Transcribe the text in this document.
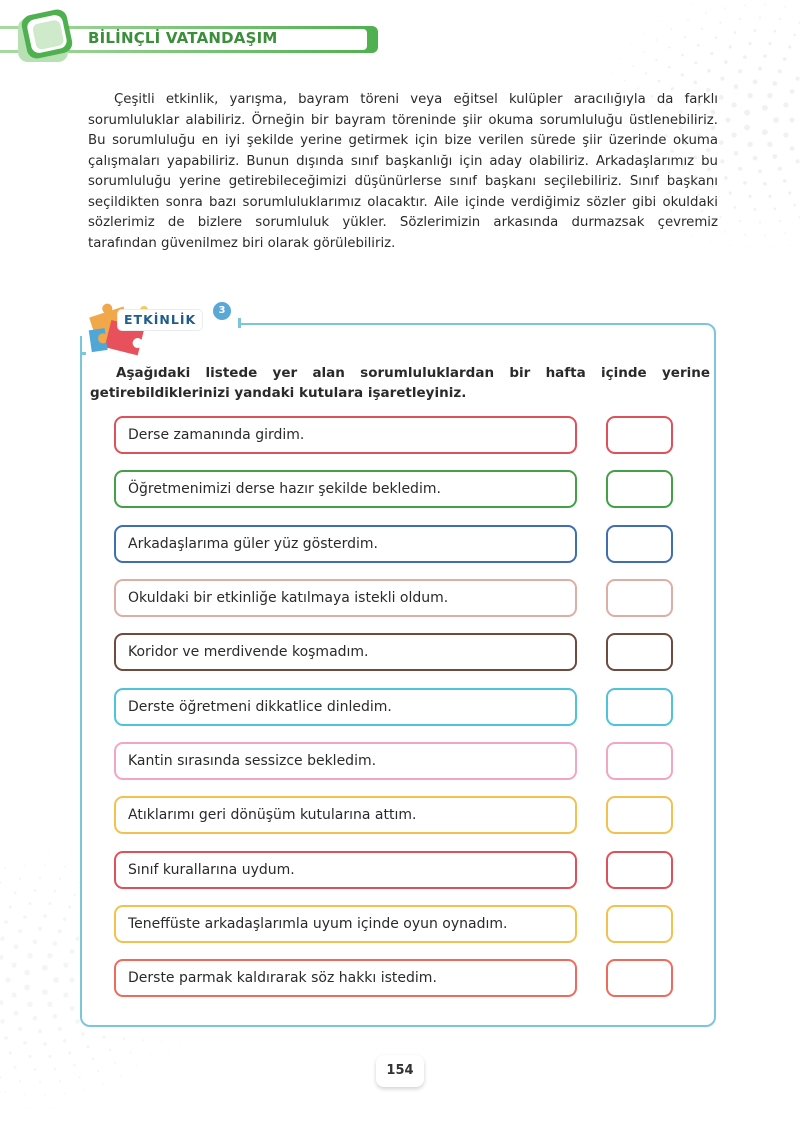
BİLİNÇLİ VATANDAŞIM

Çeşitli etkinlik, yarışma, bayram töreni veya eğitsel kulüpler aracılığıyla da farklı sorumluluklar alabiliriz. Örneğin bir bayram töreninde şiir okuma sorumluluğu üstlenebiliriz. Bu sorumluluğu en iyi şekilde yerine getirmek için bize verilen sürede şiir üzerinde okuma çalışmaları yapabiliriz. Bunun dışında sınıf başkanlığı için aday olabiliriz. Arkadaşlarımız bu sorumluluğu yerine getirebileceğimizi düşünürlerse sınıf başkanı seçilebiliriz. Sınıf başkanı seçildikten sonra bazı sorumluluklarımız olacaktır. Aile içinde verdiğimiz sözler gibi okuldaki sözlerimiz de bizlere sorumluluk yükler. Sözlerimizin arkasında durmazsak çevremiz tarafından güvenilmez biri olarak görülebiliriz.

ETKİNLİK
3

Aşağıdaki listede yer alan sorumluluklardan bir hafta içinde yerine getirebildiklerinizi yandaki kutulara işaretleyiniz.

Derse zamanında girdim.
Öğretmenimizi derse hazır şekilde bekledim.
Arkadaşlarıma güler yüz gösterdim.
Okuldaki bir etkinliğe katılmaya istekli oldum.
Koridor ve merdivende koşmadım.
Derste öğretmeni dikkatlice dinledim.
Kantin sırasında sessizce bekledim.
Atıklarımı geri dönüşüm kutularına attım.
Sınıf kurallarına uydum.
Teneffüste arkadaşlarımla uyum içinde oyun oynadım.
Derste parmak kaldırarak söz hakkı istedim.
154
